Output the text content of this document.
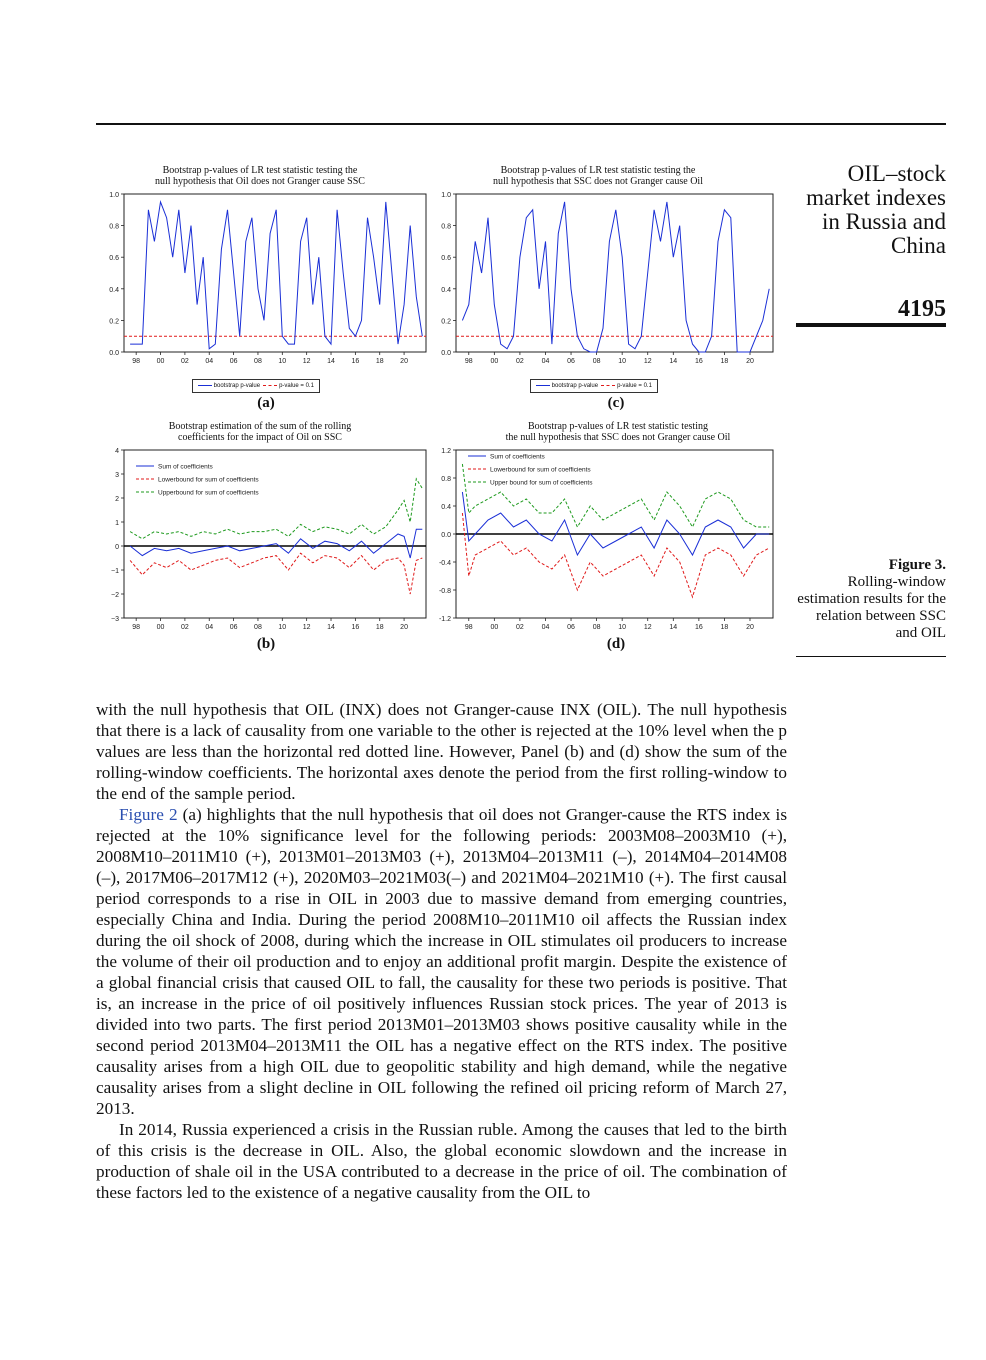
OIL–stock market indexes in Russia and China
4195
Figure 3.
Rolling-window estimation results for the relation between SSC and OIL
Bootstrap p-values of LR test statistic testing the
null hypothesis that Oil does not Granger cause SSC
0.0
0.2
0.4
0.6
0.8
1.0
98 00 02 04 06 08 10 12 14 16 18 20
bootstrap p-value	p-value = 0.1
(a)
Bootstrap p-values of LR test statistic testing the
null hypothesis that SSC does not Granger cause Oil
0.0
0.2
0.4
0.6
0.8
1.0
98	00	02	04	06	08	10	12	14	16	18	20
bootstrap p-value	p-value = 0.1
(c)
Bootstrap estimation of the sum of the rolling
coefficients for the impact of Oil on SSC
−3
−2
−1
0
1
2
3
4
98 00 02 04 06 08 10 12 14 16 18 20
Sum of coefficients
Lowerbound for sum of coefficients
Upperbound for sum of coefficients
(b)
Bootstrap p-values of LR test statistic testing
the null hypothesis that SSC does not Granger cause Oil
-1.2
-0.8
-0.4
0.0
0.4
0.8
1.2
98	00	02	04	06	08	10	12	14	16	18	20
Sum of coefficients
Lowerbound for sum of coefficients
Upper bound for sum of coefficients
(d)

with the null hypothesis that OIL (INX) does not Granger-cause INX (OIL). The null hypothesis that there is a lack of causality from one variable to the other is rejected at the 10% level when the p values are less than the horizontal red dotted line. However, Panel (b) and (d) show the sum of the rolling-window coefficients. The horizontal axes denote the period from the first rolling-window to the end of the sample period.

Figure 2 (a) highlights that the null hypothesis that oil does not Granger-cause the RTS index is rejected at the 10% significance level for the following periods: 2003M08–2003M10 (+), 2008M10–2011M10 (+), 2013M01–2013M03 (+), 2013M04–2013M11 (–), 2014M04–2014M08 (–), 2017M06–2017M12 (+), 2020M03–2021M03(–) and 2021M04–2021M10 (+). The first causal period corresponds to a rise in OIL in 2003 due to massive demand from emerging countries, especially China and India. During the period 2008M10–2011M10 oil affects the Russian index during the oil shock of 2008, during which the increase in OIL stimulates oil producers to increase the volume of their oil production and to enjoy an additional profit margin. Despite the existence of a global financial crisis that caused OIL to fall, the causality for these two periods is positive. That is, an increase in the price of oil positively influences Russian stock prices. The year of 2013 is divided into two parts. The first period 2013M01–2013M03 shows positive causality while in the second period 2013M04–2013M11 the OIL has a negative effect on the RTS index. The positive causality arises from a high OIL due to geopolitic stability and high demand, while the negative causality arises from a slight decline in OIL following the refined oil pricing reform of March 27, 2013.

In 2014, Russia experienced a crisis in the Russian ruble. Among the causes that led to the birth of this crisis is the decrease in OIL. Also, the global economic slowdown and the increase in production of shale oil in the USA contributed to a decrease in the price of oil. The combination of these factors led to the existence of a negative causality from the OIL to
